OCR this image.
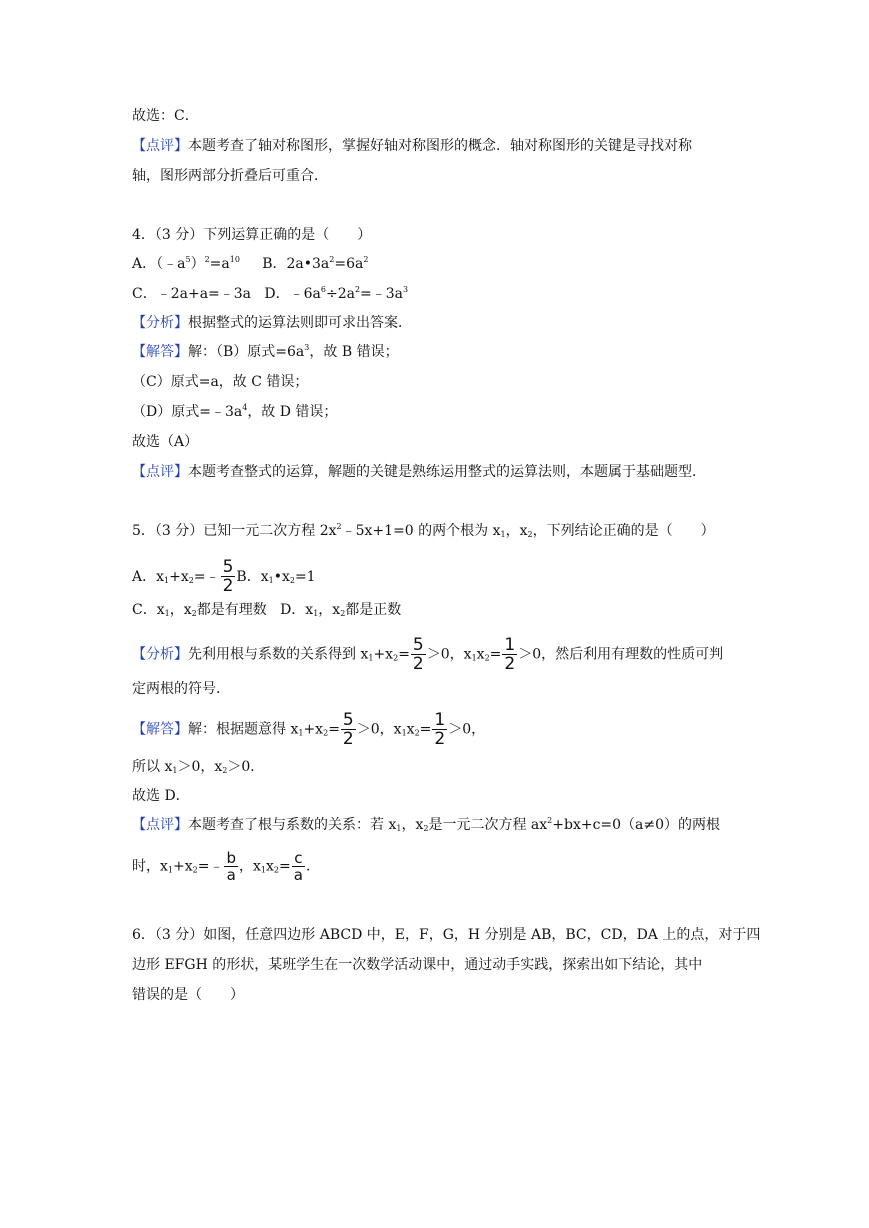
故选：C．
【点评】本题考查了轴对称图形，掌握好轴对称图形的概念．轴对称图形的关键是寻找对称
轴，图形两部分折叠后可重合．
4．（3 分）下列运算正确的是（　　）
A．$(﹣a^5)^2=a^{10}$ B．$2a•3a^2=6a^2$
C．﹣2a+a=﹣3a D．$﹣6a^6\div 2a^2=﹣3a^3$
【分析】根据整式的运算法则即可求出答案．
【解答】解：（B）原式$=6a^3$，故 B 错误；
（C）原式=a，故 C 错误；
（D）原式$=﹣3a^4$，故 D 错误；
故选（A）
【点评】本题考查整式的运算，解题的关键是熟练运用整式的运算法则，本题属于基础题型．
5．（3 分）已知一元二次方程 $2x^2﹣5x+1=0$ 的两个根为 $x_1$，$x_2$，下列结论正确的是（　　）
A．$x_1+x_2=﹣ \frac{5}{2}$ B．$x_1•x_2=1$
C．$x_1$，$x_2$都是有理数 D．$x_1$，$x_2$都是正数
【分析】先利用根与系数的关系得到 $x_1+x_2= \frac{5}{2} >0$，$x_1x_2= \frac{1}{2} >0$，然后利用有理数的性质可判
定两根的符号．
【解答】解：根据题意得 $x_1+x_2= \frac{5}{2} >0$，$x_1x_2= \frac{1}{2} >0$，
所以 $x_1>0$，$x_2>0$．
故选 D．
【点评】本题考查了根与系数的关系：若 $x_1$，$x_2$是一元二次方程 $ax^2+bx+c=0(a\ne 0)$的两根
时，$x_1+x_2=﹣ \frac{b}{a}$ ，$x_1x_2= \frac{c}{a}$ ．
6．（3 分）如图，任意四边形 ABCD 中，E，F，G，H 分别是 AB，BC，CD，DA 上的点，对于四
边形 EFGH 的形状，某班学生在一次数学活动课中，通过动手实践，探索出如下结论，其中
错误的是（　　）
